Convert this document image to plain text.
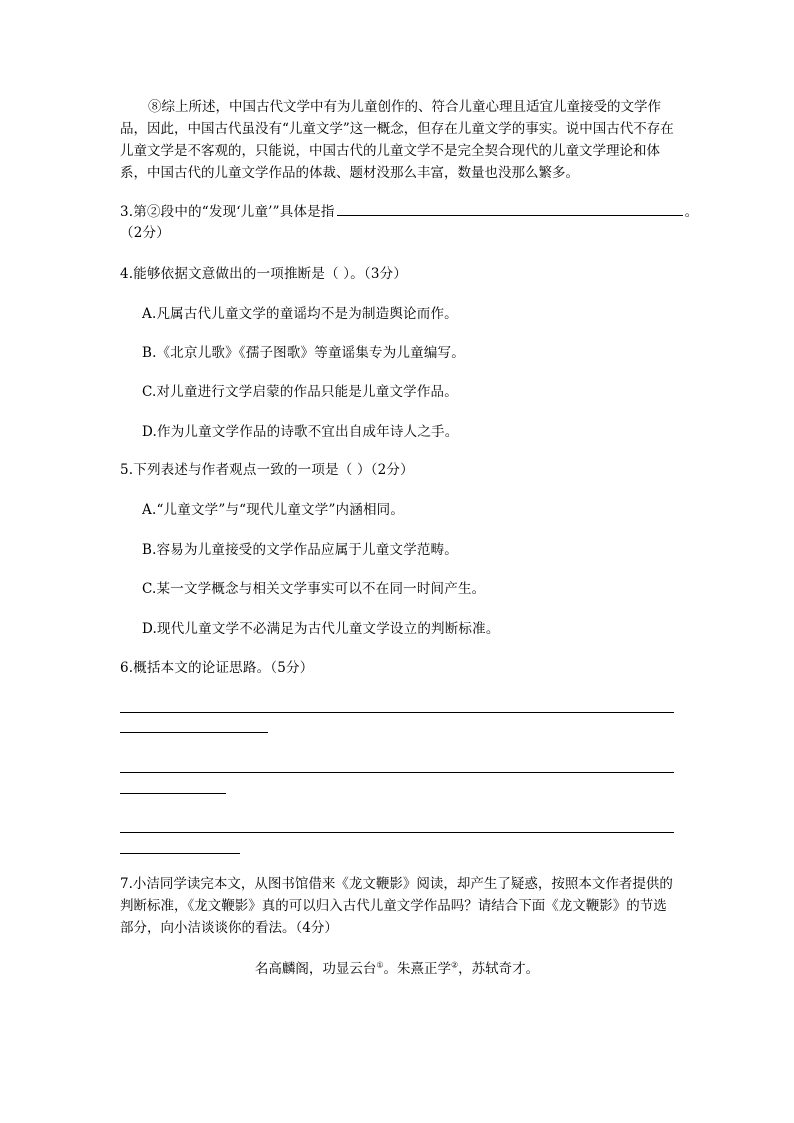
⑧综上所述，中国古代文学中有为儿童创作的、符合儿童心理且适宜儿童接受的文学作品，因此，中国古代虽没有“儿童文学”这一概念，但存在儿童文学的事实。说中国古代不存在儿童文学是不客观的，只能说，中国古代的儿童文学不是完全契合现代的儿童文学理论和体系，中国古代的儿童文学作品的体裁、题材没那么丰富，数量也没那么繁多。

3.第②段中的“发现‘儿童’”具体是指	。
（2分）
4.能够依据文意做出的一项推断是（ ）。（3分）
A.凡属古代儿童文学的童谣均不是为制造舆论而作。
B.《北京儿歌》《孺子图歌》等童谣集专为儿童编写。
C.对儿童进行文学启蒙的作品只能是儿童文学作品。
D.作为儿童文学作品的诗歌不宜出自成年诗人之手。
5.下列表述与作者观点一致的一项是（ ）（2分）
A.“儿童文学”与“现代儿童文学”内涵相同。
B.容易为儿童接受的文学作品应属于儿童文学范畴。
C.某一文学概念与相关文学事实可以不在同一时间产生。
D.现代儿童文学不必满足为古代儿童文学设立的判断标准。
6.概括本文的论证思路。（5分）

7.小洁同学读完本文，从图书馆借来《龙文鞭影》阅读，却产生了疑惑，按照本文作者提供的判断标准，《龙文鞭影》真的可以归入古代儿童文学作品吗？请结合下面《龙文鞭影》的节选部分，向小洁谈谈你的看法。（4分）

名高麟阁，功显云台①。朱熹正学②，苏轼奇才。
